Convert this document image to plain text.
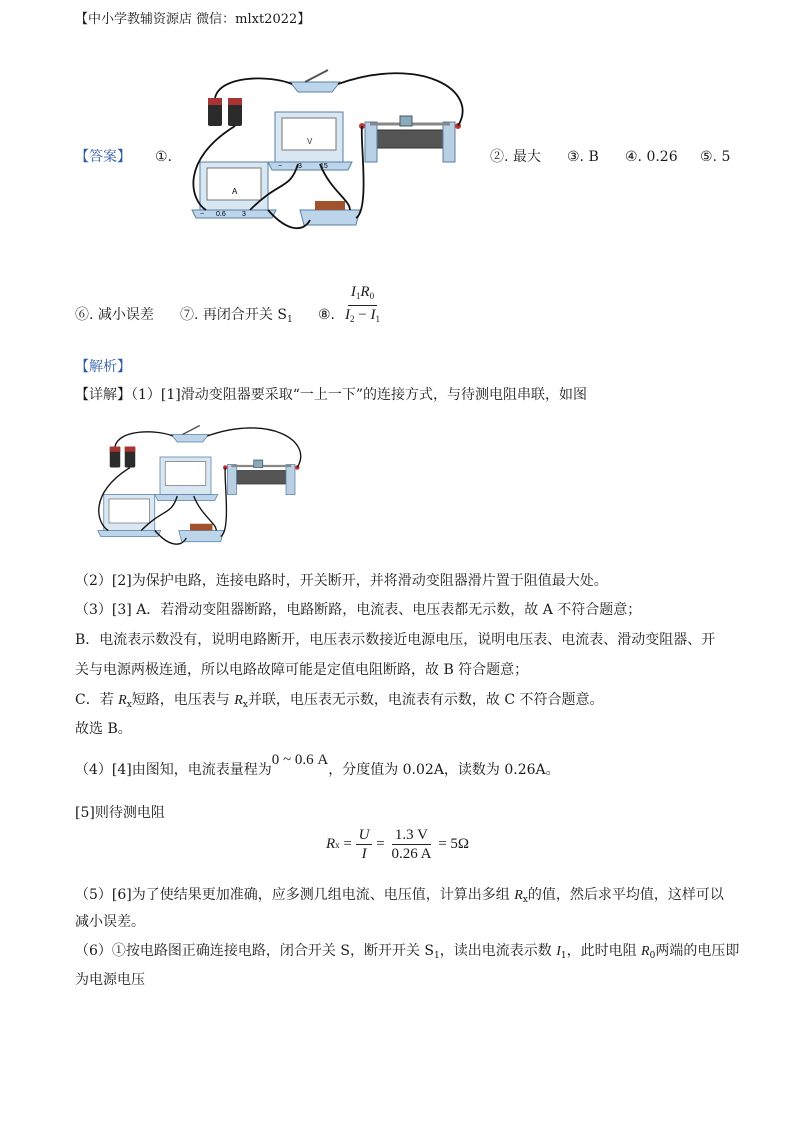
【中小学教辅资源店 微信：mlxt2022】
【答案】 ①.	②. 最大 ③. B ④. 0.26 ⑤. 5
V
− 3	15
A
− 0.6 3
⑥. 减小误差 ⑦. 再闭合开关 $S_1$ ⑧. $\frac{I_1R_0}{I_2 - I_1}$
【解析】
【详解】（1）[1]滑动变阻器要采取“一上一下”的连接方式，与待测电阻串联，如图
（2）[2]为保护电路，连接电路时，开关断开，并将滑动变阻器滑片置于阻值最大处。
（3）[3] A．若滑动变阻器断路，电路断路，电流表、电压表都无示数，故 A 不符合题意；
B．电流表示数没有，说明电路断开，电压表示数接近电源电压，说明电压表、电流表、滑动变阻器、开
关与电源两极连通，所以电路故障可能是定值电阻断路，故 B 符合题意；
C．若 $R_x$短路，电压表与 $R_x$并联，电压表无示数，电流表有示数，故 C 不符合题意。
故选 B。
（4）[4]由图知，电流表量程为0 ~ 0.6 A，分度值为 0.02A，读数为 0.26A。
[5]则待测电阻
R $x = \frac{U}{I} = \frac{1.3 V}{0.26 A} = 5\Omega$
（5）[6]为了使结果更加准确，应多测几组电流、电压值，计算出多组 $R_x$的值，然后求平均值，这样可以
减小误差。
（6）①按电路图正确连接电路，闭合开关 S，断开开关 $S_1$，读出电流表示数 $I_1$，此时电阻 $R_0$两端的电压即
为电源电压
